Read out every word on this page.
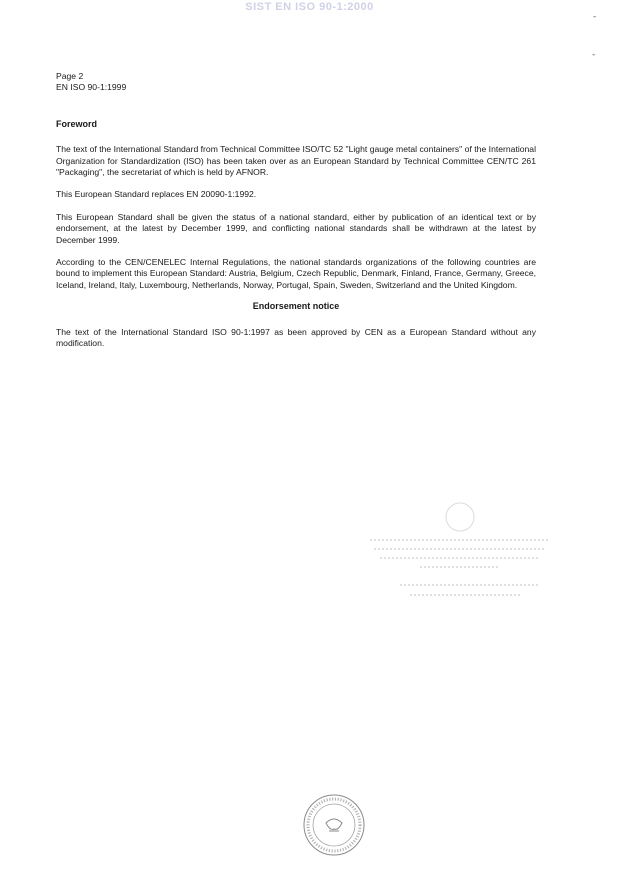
SIST EN ISO 90-1:2000
-
-
Page 2
EN ISO 90-1:1999
Foreword

The text of the International Standard from Technical Committee ISO/TC 52 "Light gauge metal containers" of the International Organization for Standardization (ISO) has been taken over as an European Standard by Technical Committee CEN/TC 261 "Packaging", the secretariat of which is held by AFNOR.

This European Standard replaces EN 20090-1:1992.

This European Standard shall be given the status of a national standard, either by publication of an identical text or by endorsement, at the latest by December 1999, and conflicting national standards shall be withdrawn at the latest by December 1999.

According to the CEN/CENELEC Internal Regulations, the national standards organizations of the following countries are bound to implement this European Standard: Austria, Belgium, Czech Republic, Denmark, Finland, France, Germany, Greece, Iceland, Ireland, Italy, Luxembourg, Netherlands, Norway, Portugal, Spain, Sweden, Switzerland and the United Kingdom.

Endorsement notice

The text of the International Standard ISO 90-1:1997 as been approved by CEN as a European Standard without any modification.
